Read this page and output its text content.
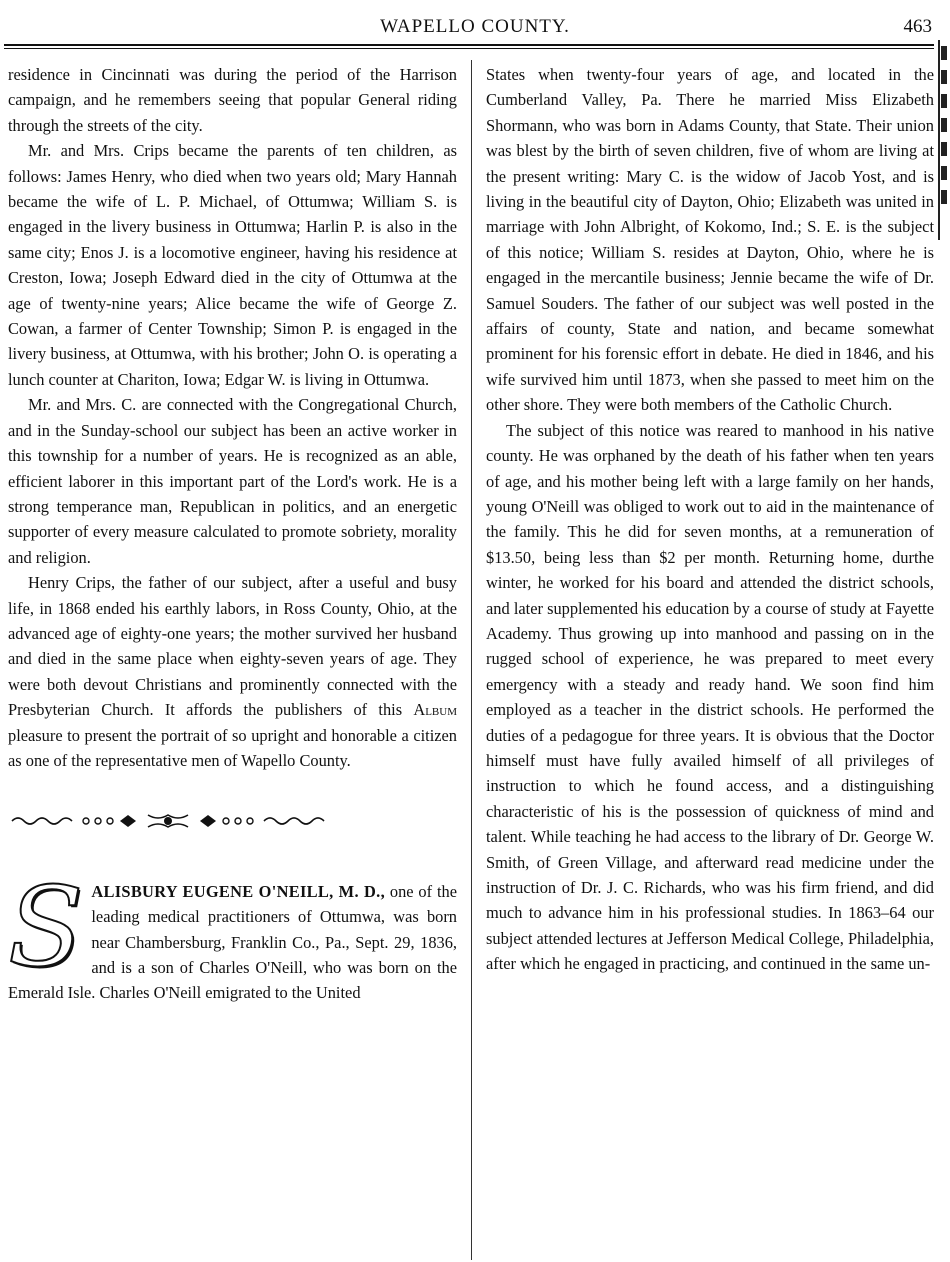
WAPELLO COUNTY.	463

residence in Cincinnati was during the period of the Harrison campaign, and he remembers seeing that popular General riding through the streets of the city.

Mr. and Mrs. Crips became the parents of ten children, as follows: James Henry, who died when two years old; Mary Hannah became the wife of L. P. Michael, of Ottumwa; William S. is engaged in the livery business in Ottumwa; Harlin P. is also in the same city; Enos J. is a locomotive engineer, having his residence at Creston, Iowa; Joseph Edward died in the city of Ottumwa at the age of twenty-nine years; Alice became the wife of George Z. Cowan, a farmer of Center Township; Simon P. is engaged in the livery business, at Ottumwa, with his brother; John O. is operating a lunch counter at Chariton, Iowa; Edgar W. is living in Ottumwa.

Mr. and Mrs. C. are connected with the Congregational Church, and in the Sunday-school our subject has been an active worker in this township for a number of years. He is recognized as an able, efficient laborer in this important part of the Lord's work. He is a strong temperance man, Republican in politics, and an energetic supporter of every measure calculated to promote sobriety, morality and religion.

Henry Crips, the father of our subject, after a useful and busy life, in 1868 ended his earthly labors, in Ross County, Ohio, at the advanced age of eighty-one years; the mother survived her husband and died in the same place when eighty-seven years of age. They were both devout Christians and prominently connected with the Presbyterian Church. It affords the publishers of this Album pleasure to present the portrait of so upright and honorable a citizen as one of the representative men of Wapello County.

SALISBURY EUGENE O'NEILL, M. D., one of the leading medical practitioners of Ottumwa, was born near Chambersburg, Franklin Co., Pa., Sept. 29, 1836, and is a son of Charles O'Neill, who was born on the Emerald Isle. Charles O'Neill emigrated to the United

States when twenty-four years of age, and located in the Cumberland Valley, Pa. There he married Miss Elizabeth Shormann, who was born in Adams County, that State. Their union was blest by the birth of seven children, five of whom are living at the present writing: Mary C. is the widow of Jacob Yost, and is living in the beautiful city of Dayton, Ohio; Elizabeth was united in marriage with John Albright, of Kokomo, Ind.; S. E. is the subject of this notice; William S. resides at Dayton, Ohio, where he is engaged in the mercantile business; Jennie became the wife of Dr. Samuel Souders. The father of our subject was well posted in the affairs of county, State and nation, and became somewhat prominent for his forensic effort in debate. He died in 1846, and his wife survived him until 1873, when she passed to meet him on the other shore. They were both members of the Catholic Church.

The subject of this notice was reared to manhood in his native county. He was orphaned by the death of his father when ten years of age, and his mother being left with a large family on her hands, young O'Neill was obliged to work out to aid in the maintenance of the family. This he did for seven months, at a remuneration of $13.50, being less than $2 per month. Returning home, durthe winter, he worked for his board and attended the district schools, and later supplemented his education by a course of study at Fayette Academy. Thus growing up into manhood and passing on in the rugged school of experience, he was prepared to meet every emergency with a steady and ready hand. We soon find him employed as a teacher in the district schools. He performed the duties of a pedagogue for three years. It is obvious that the Doctor himself must have fully availed himself of all privileges of instruction to which he found access, and a distinguishing characteristic of his is the possession of quickness of mind and talent. While teaching he had access to the library of Dr. George W. Smith, of Green Village, and afterward read medicine under the instruction of Dr. J. C. Richards, who was his firm friend, and did much to advance him in his professional studies. In 1863–64 our subject attended lectures at Jefferson Medical College, Philadelphia, after which he engaged in practicing, and continued in the same un-
